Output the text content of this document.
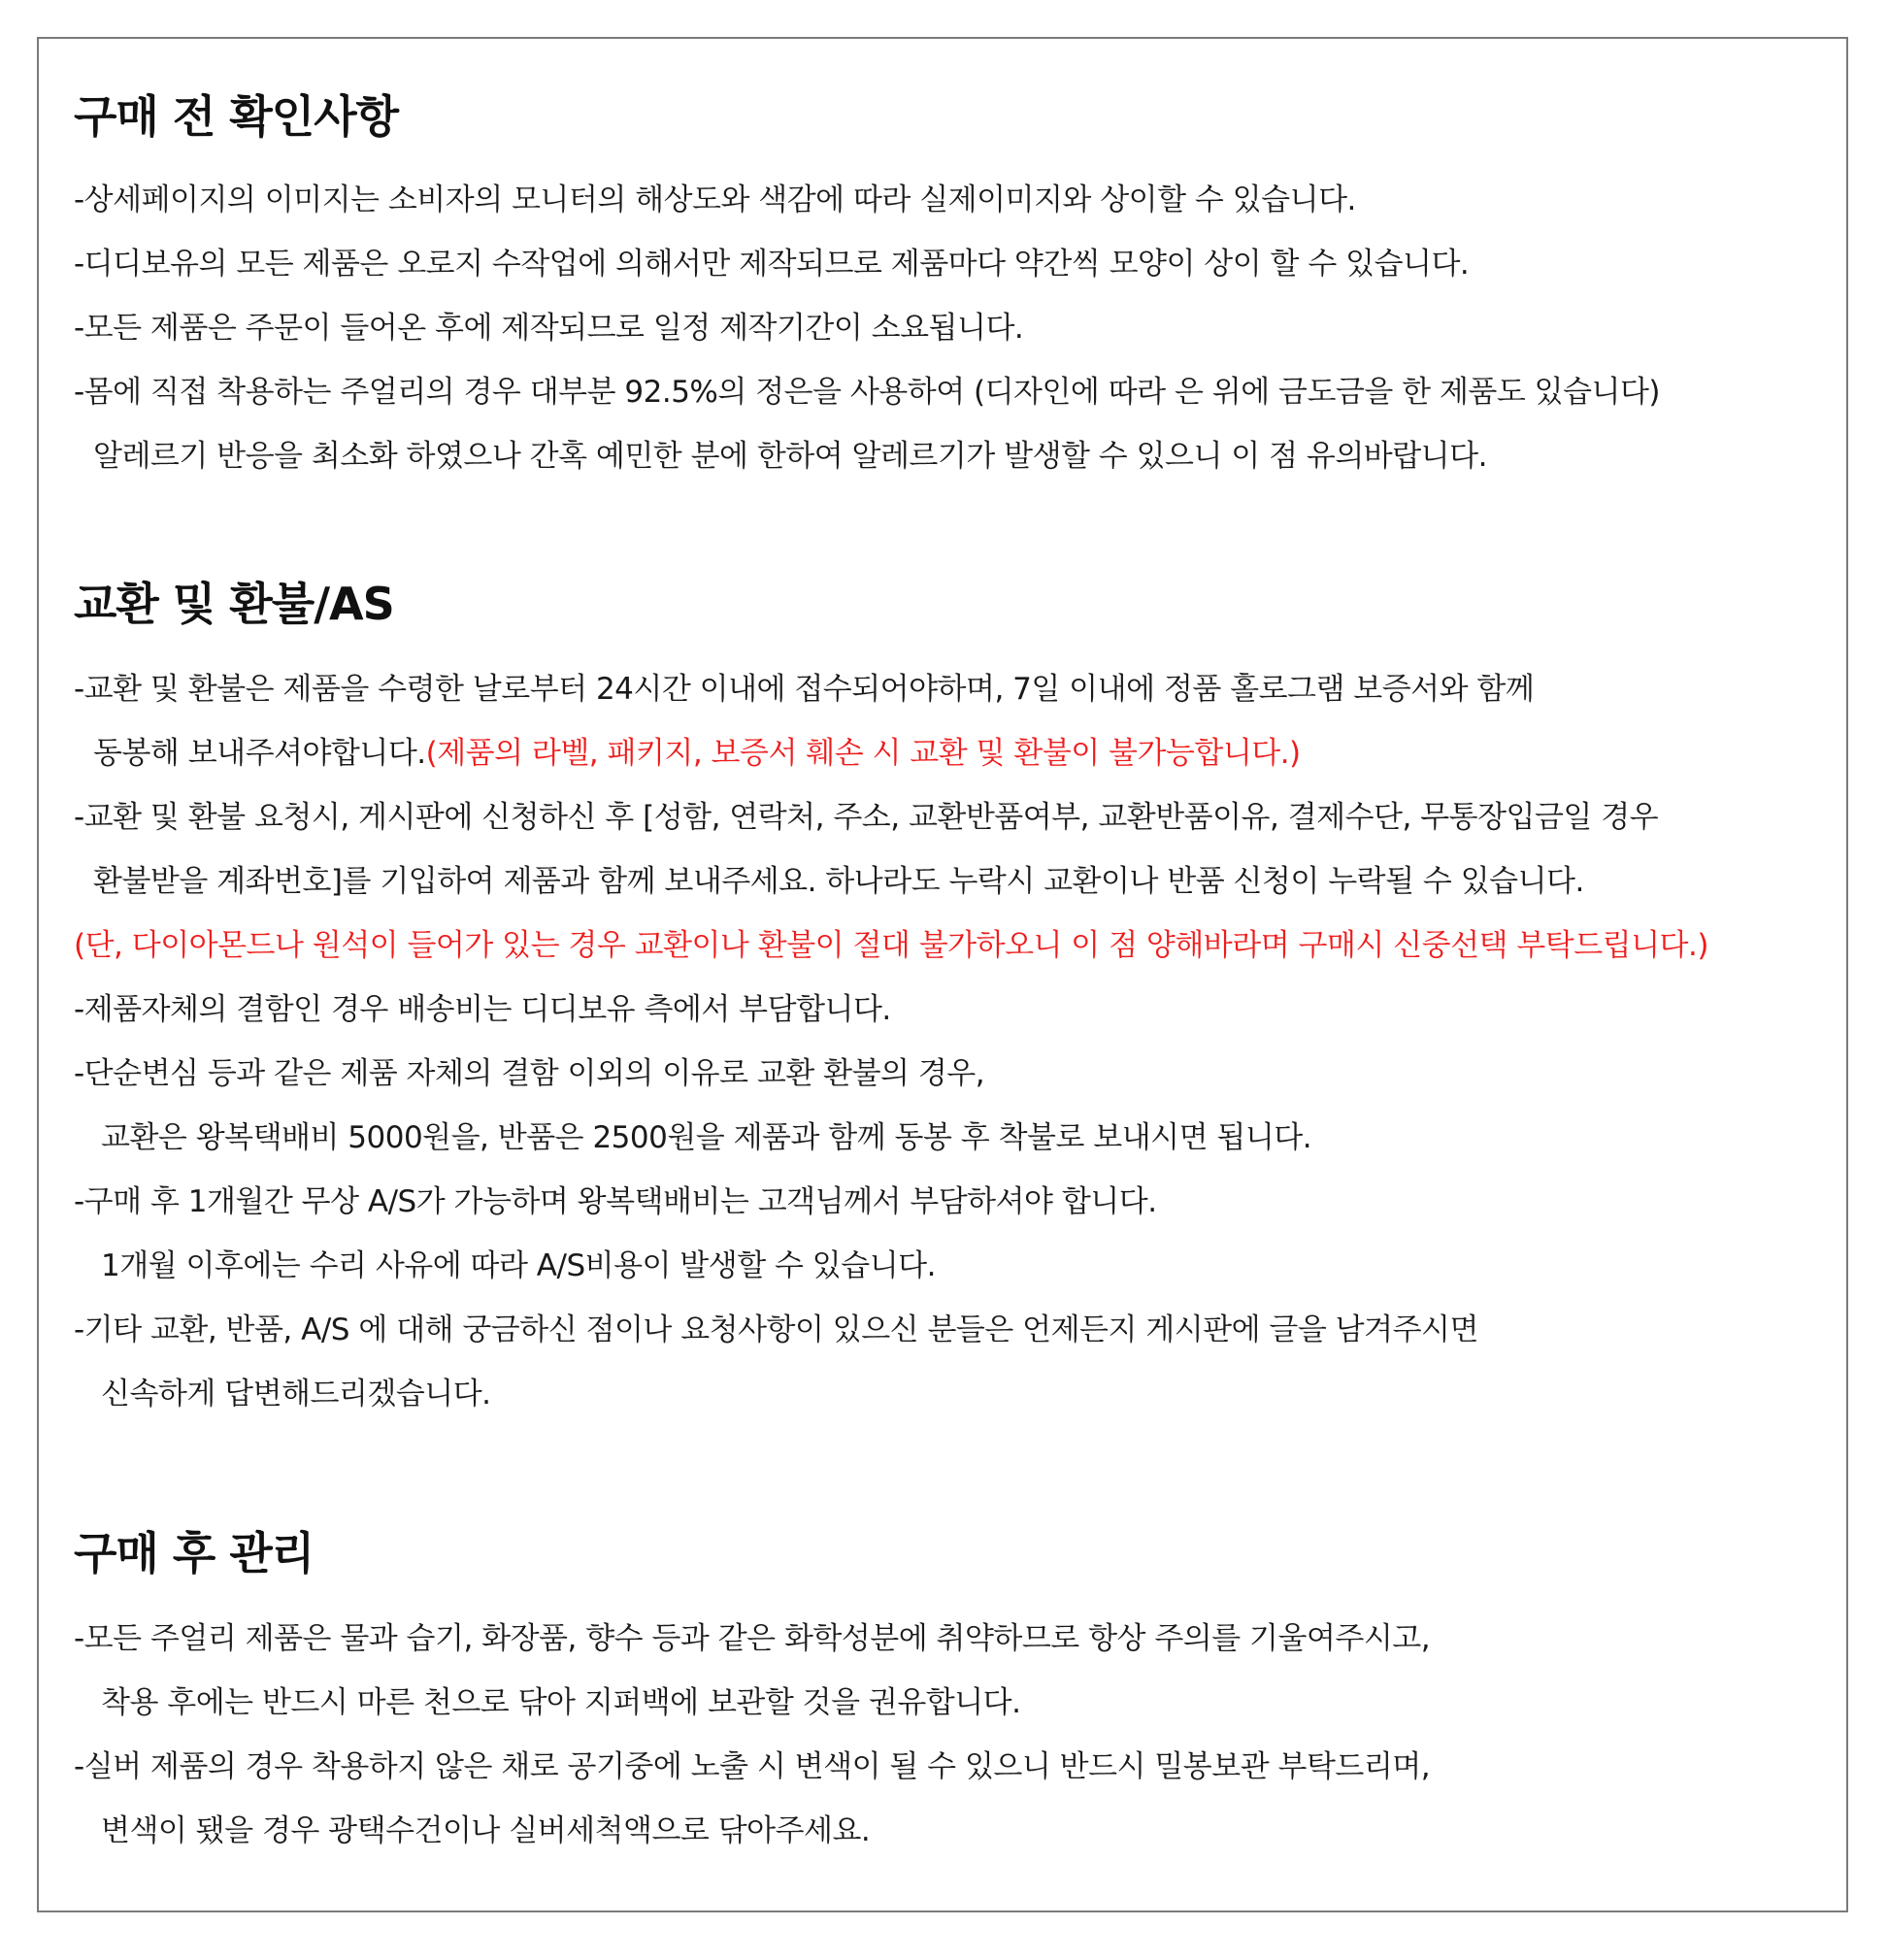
구매 전 확인사항
-상세페이지의 이미지는 소비자의 모니터의 해상도와 색감에 따라 실제이미지와 상이할 수 있습니다.
-디디보유의 모든 제품은 오로지 수작업에 의해서만 제작되므로 제품마다 약간씩 모양이 상이 할 수 있습니다.
-모든 제품은 주문이 들어온 후에 제작되므로 일정 제작기간이 소요됩니다.
-몸에 직접 착용하는 주얼리의 경우 대부분 92.5%의 정은을 사용하여 (디자인에 따라 은 위에 금도금을 한 제품도 있습니다)
알레르기 반응을 최소화 하였으나 간혹 예민한 분에 한하여 알레르기가 발생할 수 있으니 이 점 유의바랍니다.
교환 및 환불/AS
-교환 및 환불은 제품을 수령한 날로부터 24시간 이내에 접수되어야하며, 7일 이내에 정품 홀로그램 보증서와 함께
동봉해 보내주셔야합니다.(제품의 라벨, 패키지, 보증서 훼손 시 교환 및 환불이 불가능합니다.)
-교환 및 환불 요청시, 게시판에 신청하신 후 [성함, 연락처, 주소, 교환반품여부, 교환반품이유, 결제수단, 무통장입금일 경우
환불받을 계좌번호]를 기입하여 제품과 함께 보내주세요. 하나라도 누락시 교환이나 반품 신청이 누락될 수 있습니다.
(단, 다이아몬드나 원석이 들어가 있는 경우 교환이나 환불이 절대 불가하오니 이 점 양해바라며 구매시 신중선택 부탁드립니다.)
-제품자체의 결함인 경우 배송비는 디디보유 측에서 부담합니다.
-단순변심 등과 같은 제품 자체의 결함 이외의 이유로 교환 환불의 경우,
교환은 왕복택배비 5000원을, 반품은 2500원을 제품과 함께 동봉 후 착불로 보내시면 됩니다.
-구매 후 1개월간 무상 A/S가 가능하며 왕복택배비는 고객님께서 부담하셔야 합니다.
1개월 이후에는 수리 사유에 따라 A/S비용이 발생할 수 있습니다.
-기타 교환, 반품, A/S 에 대해 궁금하신 점이나 요청사항이 있으신 분들은 언제든지 게시판에 글을 남겨주시면
신속하게 답변해드리겠습니다.
구매 후 관리
-모든 주얼리 제품은 물과 습기, 화장품, 향수 등과 같은 화학성분에 취약하므로 항상 주의를 기울여주시고,
착용 후에는 반드시 마른 천으로 닦아 지퍼백에 보관할 것을 권유합니다.
-실버 제품의 경우 착용하지 않은 채로 공기중에 노출 시 변색이 될 수 있으니 반드시 밀봉보관 부탁드리며,
변색이 됐을 경우 광택수건이나 실버세척액으로 닦아주세요.
